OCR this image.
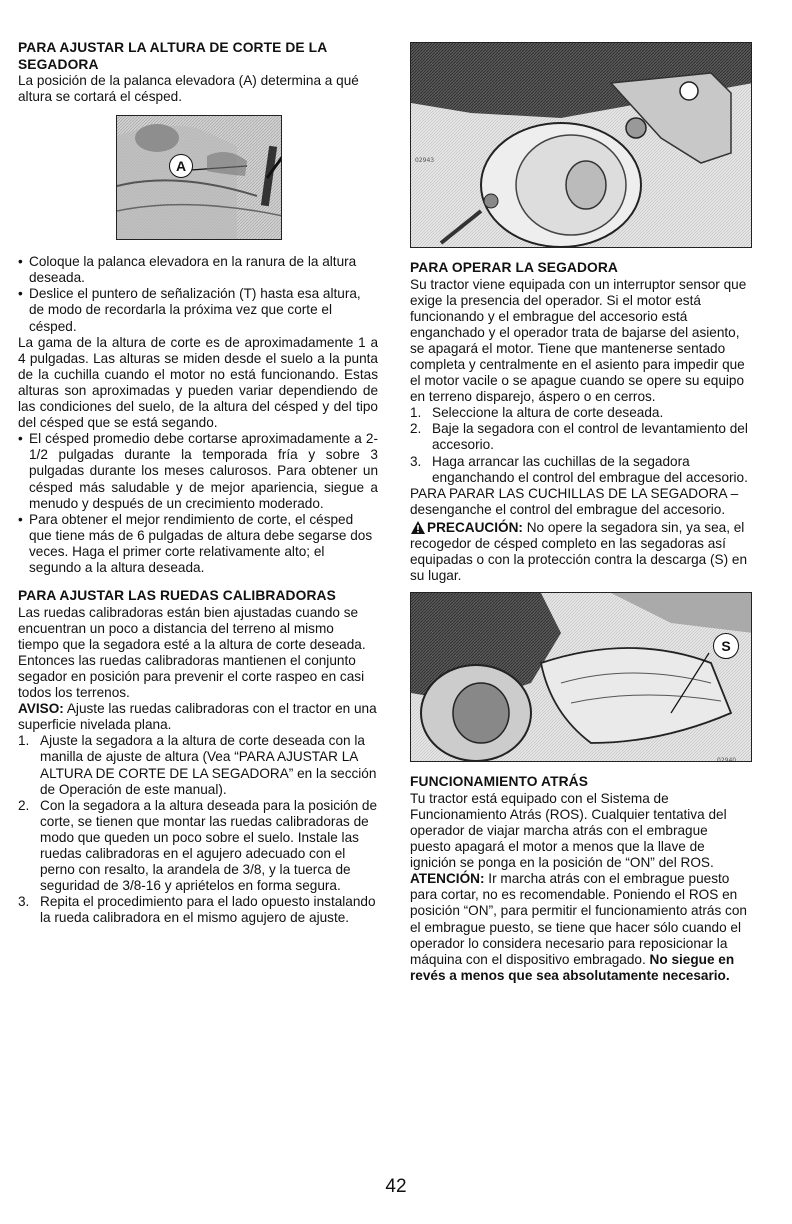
PARA AJUSTAR LA ALTURA DE CORTE DE LA SEGADORA

La posición de la palanca elevadora (A) determina a qué altura se cortará el césped.

A
• Coloque la palanca elevadora en la ranura de la altura deseada.
• Deslice el puntero de señalización (T) hasta esa altura, de modo de recordarla la próxima vez que corte el césped.

La gama de la altura de corte es de aproximadamente 1 a 4 pulgadas. Las alturas se miden desde el suelo a la punta de la cuchilla cuando el motor no está funcionando. Estas alturas son aproximadas y pueden variar dependiendo de las condiciones del suelo, de la altura del césped y del tipo del césped que se está segando.

• El césped promedio debe cortarse aproximadamente a 2-1/2 pulgadas durante la temporada fría y sobre 3 pulgadas durante los meses calurosos. Para obtener un césped más saludable y de mejor apariencia, siegue a menudo y después de un crecimiento moderado.
• Para obtener el mejor rendimiento de corte, el césped que tiene más de 6 pulgadas de altura debe segarse dos veces. Haga el primer corte relativamente alto; el segundo a la altura deseada.
PARA AJUSTAR LAS RUEDAS CALIBRADORAS

Las ruedas calibradoras están bien ajustadas cuando se encuentran un poco a distancia del terreno al mismo tiempo que la segadora esté a la altura de corte deseada. Entonces las ruedas calibradoras mantienen el conjunto segador en posición para prevenir el corte raspeo en casi todos los terrenos.

AVISO: Ajuste las ruedas calibradoras con el tractor en una superficie nivelada plana.

1. Ajuste la segadora a la altura de corte deseada con la manilla de ajuste de altura (Vea “PARA AJUSTAR LA ALTURA DE CORTE DE LA SEGADORA” en la sección de Operación de este manual).
2. Con la segadora a la altura deseada para la posición de corte, se tienen que montar las ruedas calibradoras de modo que queden un poco sobre el suelo. Instale las ruedas calibradoras en el agujero adecuado con el perno con resalto, la arandela de 3/8, y la tuerca de seguridad de 3/8-16 y apriételos en forma segura.
3. Repita el procedimiento para el lado opuesto instalando la rueda calibradora en el mismo agujero de ajuste.
02943
PARA OPERAR LA SEGADORA

Su tractor viene equipada con un interruptor sensor que exige la presencia del operador. Si el motor está funcionando y el embrague del accesorio está enganchado y el operador trata de bajarse del asiento, se apagará el motor. Tiene que mantenerse sentado completa y centralmente en el asiento para impedir que el motor vacile o se apague cuando se opere su equipo en terreno disparejo, áspero o en cerros.

1. Seleccione la altura de corte deseada.
2. Baje la segadora con el control de levantamiento del accesorio.
3. Haga arrancar las cuchillas de la segadora enganchando el control del embrague del accesorio.

PARA PARAR LAS CUCHILLAS DE LA SEGADORA – desenganche el control del embrague del accesorio.

PRECAUCIÓN: No opere la segadora sin, ya sea, el recogedor de césped completo en las segadoras así equipadas o con la protección contra la descarga (S) en su lugar.

S
02940
FUNCIONAMIENTO ATRÁS

Tu tractor está equipado con el Sistema de Funcionamiento Atrás (ROS). Cualquier tentativa del operador de viajar marcha atrás con el embrague puesto apagará el motor a menos que la llave de ignición se ponga en la posición de “ON” del ROS.

ATENCIÓN: Ir marcha atrás con el embrague puesto para cortar, no es recomendable. Poniendo el ROS en posición “ON”, para permitir el funcionamiento atrás con el embrague puesto, se tiene que hacer sólo cuando el operador lo considera necesario para reposicionar la máquina con el dispositivo embragado. No siegue en revés a menos que sea absolutamente necesario.

42
